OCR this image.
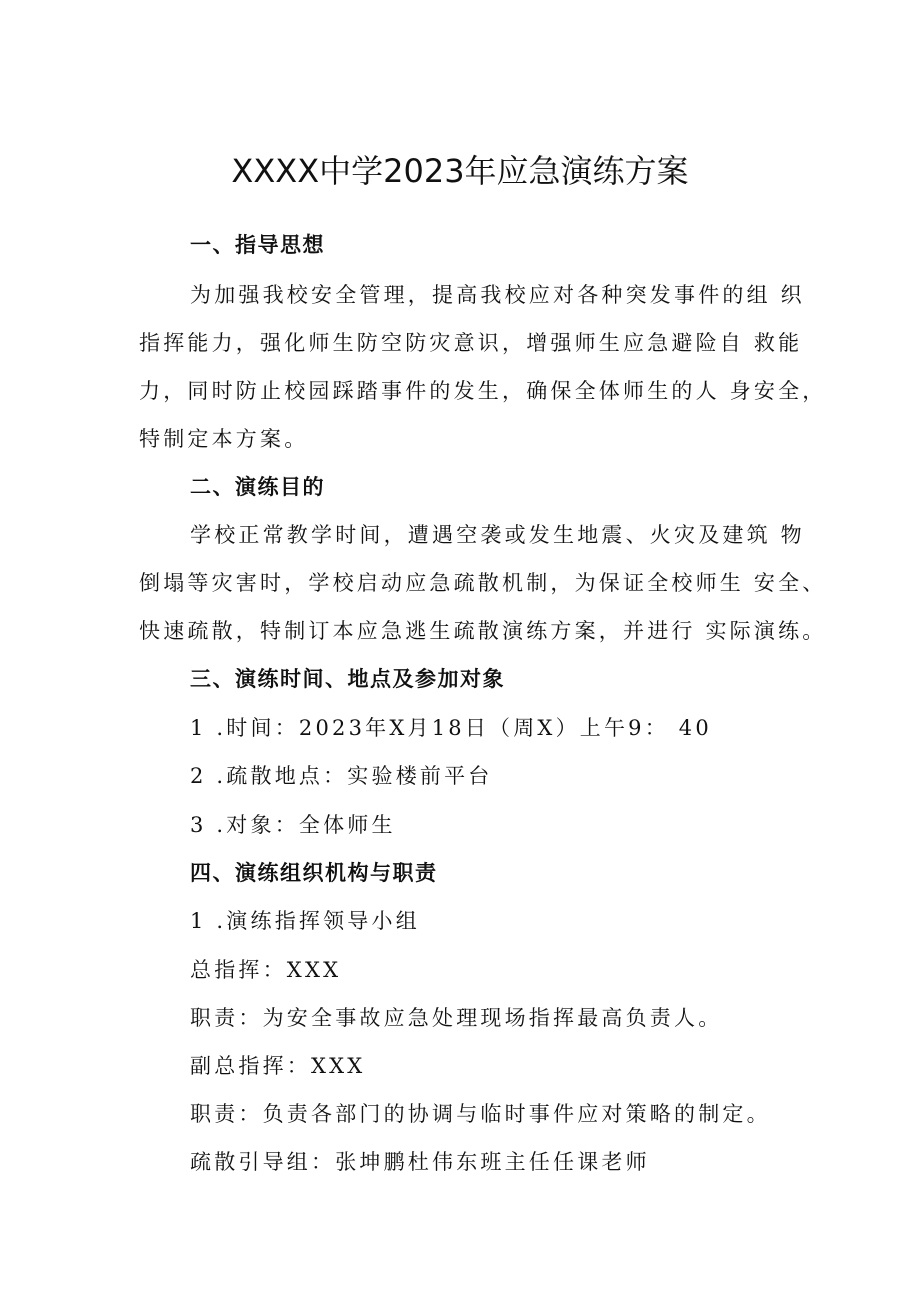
XXXX中学2023年应急演练方案
一、指导思想
为加强我校安全管理，提高我校应对各种突发事件的组 织
指挥能力，强化师生防空防灾意识，增强师生应急避险自 救能
力，同时防止校园踩踏事件的发生，确保全体师生的人 身安全，
特制定本方案。
二、演练目的
学校正常教学时间，遭遇空袭或发生地震、火灾及建筑 物
倒塌等灾害时，学校启动应急疏散机制，为保证全校师生 安全、
快速疏散，特制订本应急逃生疏散演练方案，并进行 实际演练。
三、演练时间、地点及参加对象
1 .时间：2023年X月18日（周X）上午9： 40
2 .疏散地点：实验楼前平台
3 .对象：全体师生
四、演练组织机构与职责
1 .演练指挥领导小组
总指挥：XXX
职责：为安全事故应急处理现场指挥最高负责人。
副总指挥：XXX
职责：负责各部门的协调与临时事件应对策略的制定。
疏散引导组：张坤鹏杜伟东班主任任课老师
